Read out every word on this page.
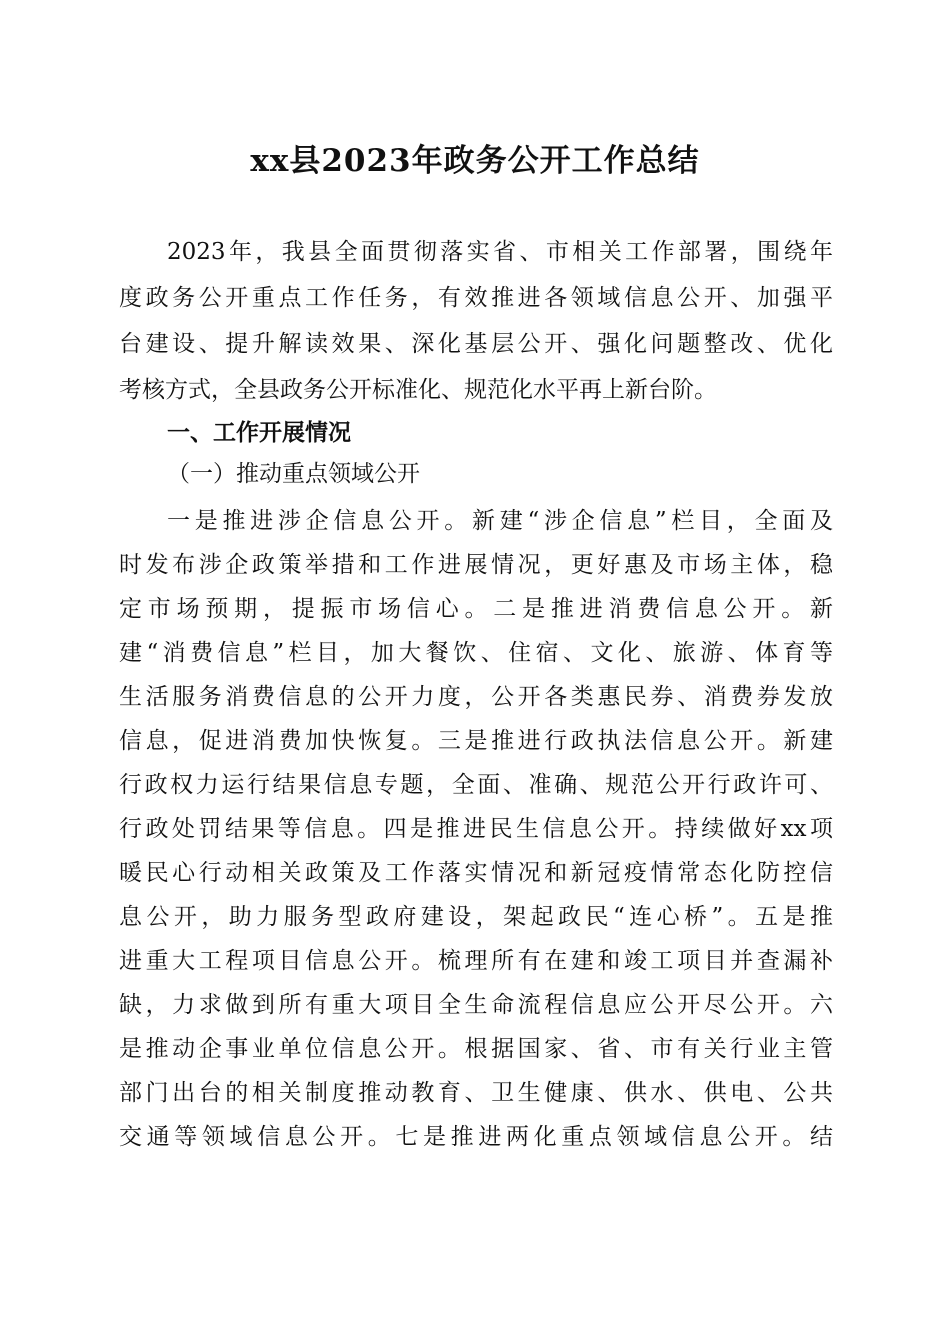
xx县2023年政务公开工作总结
2023年，我县全面贯彻落实省、市相关工作部署，围绕年
度政务公开重点工作任务，有效推进各领域信息公开、加强平
台建设、提升解读效果、深化基层公开、强化问题整改、优化
考核方式，全县政务公开标准化、规范化水平再上新台阶。
一、工作开展情况
（一）推动重点领域公开
一是推进涉企信息公开。新建“涉企信息”栏目，全面及
时发布涉企政策举措和工作进展情况，更好惠及市场主体，稳
定市场预期，提振市场信心。二是推进消费信息公开。新
建“消费信息”栏目，加大餐饮、住宿、文化、旅游、体育等
生活服务消费信息的公开力度，公开各类惠民券、消费券发放
信息，促进消费加快恢复。三是推进行政执法信息公开。新建
行政权力运行结果信息专题，全面、准确、规范公开行政许可、
行政处罚结果等信息。四是推进民生信息公开。持续做好xx项
暖民心行动相关政策及工作落实情况和新冠疫情常态化防控信
息公开，助力服务型政府建设，架起政民“连心桥”。五是推
进重大工程项目信息公开。梳理所有在建和竣工项目并查漏补
缺，力求做到所有重大项目全生命流程信息应公开尽公开。六
是推动企事业单位信息公开。根据国家、省、市有关行业主管
部门出台的相关制度推动教育、卫生健康、供水、供电、公共
交通等领域信息公开。七是推进两化重点领域信息公开。结
